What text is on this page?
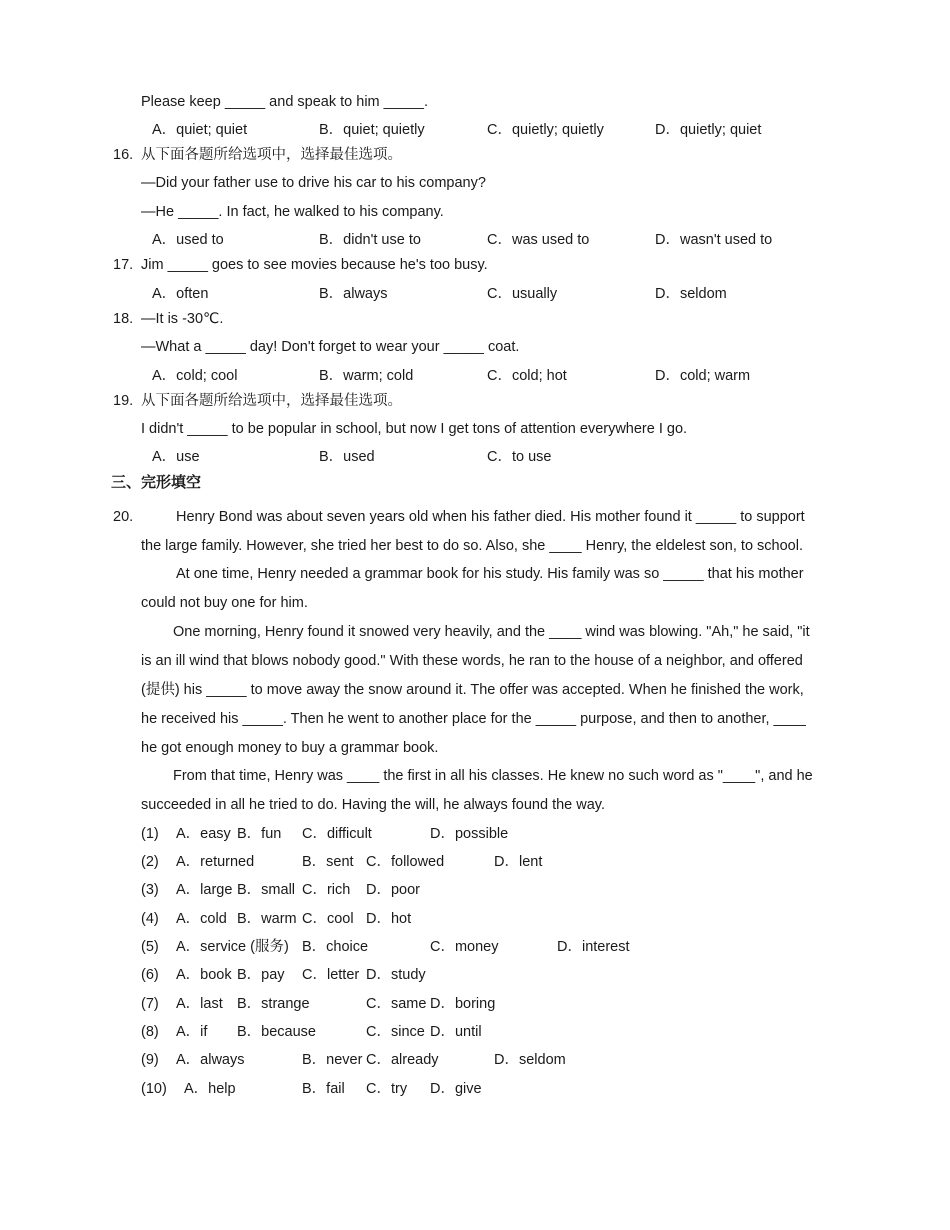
Please keep _____ and speak to him _____.
A．quiet; quiet	B．quiet; quietly	C．quietly; quietly	D．quietly; quiet
16. 从下面各题所给选项中，选择最佳选项。
—Did your father use to drive his car to his company?
—He _____. In fact, he walked to his company.
A．used to	B．didn't use to	C．was used to	D．wasn't used to
17. Jim _____ goes to see movies because he's too busy.
A．often	B．always	C．usually	D．seldom
18. —It is -30℃.
—What a _____ day! Don't forget to wear your _____ coat.
A．cold; cool	B．warm; cold	C．cold; hot	D．cold; warm
19. 从下面各题所给选项中，选择最佳选项。
I didn't _____ to be popular in school, but now I get tons of attention everywhere I go.
A．use	B．used	C．to use
三、完形填空
20.	Henry Bond was about seven years old when his father died. His mother found it _____ to support
the large family. However, she tried her best to do so. Also, she ____ Henry, the eldelest son, to school.
At one time, Henry needed a grammar book for his study. His family was so _____ that his mother
could not buy one for him.
One morning, Henry found it snowed very heavily, and the ____ wind was blowing. "Ah," he said, "it
is an ill wind that blows nobody good." With these words, he ran to the house of a neighbor, and offered
(提供) his _____ to move away the snow around it. The offer was accepted. When he finished the work,
he received his _____. Then he went to another place for the _____ purpose, and then to another, ____
he got enough money to buy a grammar book.
From that time, Henry was ____ the first in all his classes. He knew no such word as "____", and he
succeeded in all he tried to do. Having the will, he always found the way.
(1) A．easy B．fun C．difficult	D．possible
(2) A．returned	B．sent C．followed	D．lent
(3) A．large B．small C．rich D．poor
(4) A．cold B．warm C．cool D．hot
(5) A．service (服务) B．choice	C．money	D．interest
(6) A．book B．pay C．letter D．study
(7) A．last B．strange	C．same D．boring
(8) A．if B．because	C．since D．until
(9) A．always	B．never C．already	D．seldom
(10) A．help	B．fail C．try D．give
